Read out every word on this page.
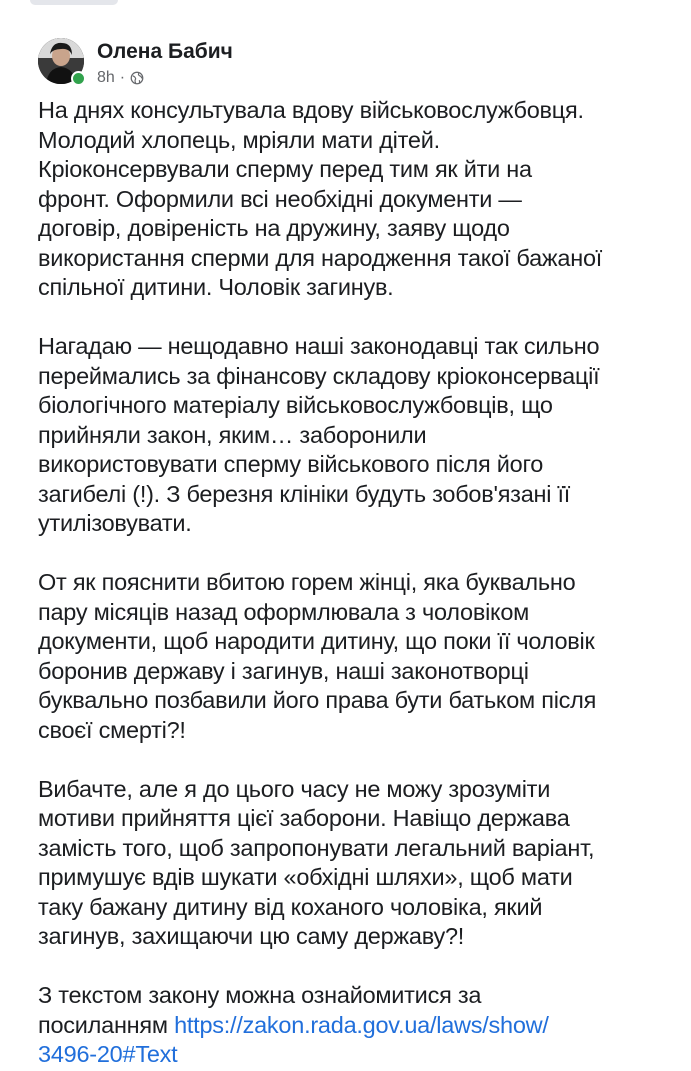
Олена Бабич
8h ·

На днях консультувала вдову військовослужбовця.
Молодий хлопець, мріяли мати дітей.
Кріоконсервували сперму перед тим як йти на
фронт. Оформили всі необхідні документи —
договір, довіреність на дружину, заяву щодо
використання сперми для народження такої бажаної
спільної дитини. Чоловік загинув.

Нагадаю — нещодавно наші законодавці так сильно
переймались за фінансову складову кріоконсервації
біологічного матеріалу військовослужбовців, що
прийняли закон, яким… заборонили
використовувати сперму військового після його
загибелі (!). З березня клініки будуть зобов'язані її
утилізовувати.

От як пояснити вбитою горем жінці, яка буквально
пару місяців назад оформлювала з чоловіком
документи, щоб народити дитину, що поки її чоловік
боронив державу і загинув, наші законотворці
буквально позбавили його права бути батьком після
своєї смерті?!

Вибачте, але я до цього часу не можу зрозуміти
мотиви прийняття цієї заборони. Навіщо держава
замість того, щоб запропонувати легальний варіант,
примушує вдів шукати «обхідні шляхи», щоб мати
таку бажану дитину від коханого чоловіка, який
загинув, захищаючи цю саму державу?!

З текстом закону можна ознайомитися за
посиланням https://zakon.rada.gov.ua/laws/show/
3496-20#Text
